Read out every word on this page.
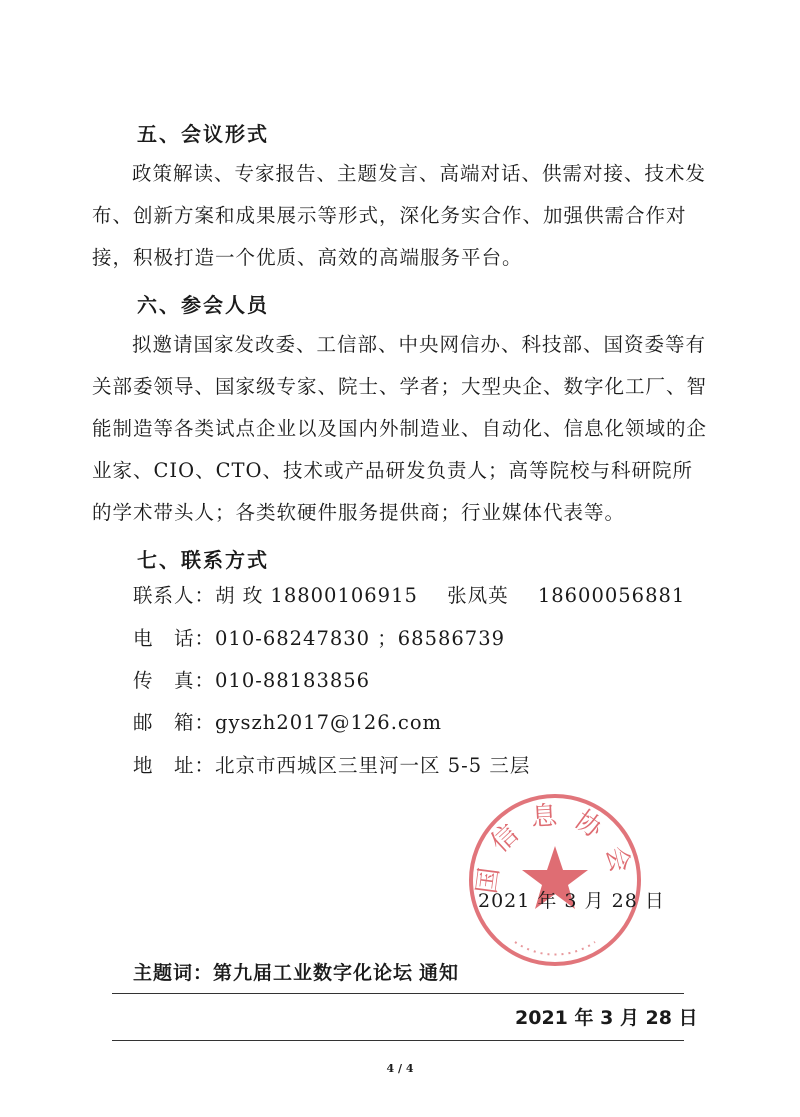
五、会议形式
政策解读、专家报告、主题发言、高端对话、供需对接、技术发布、创新方案和成果展示等形式，深化务实合作、加强供需合作对接，积极打造一个优质、高效的高端服务平台。
六、参会人员
拟邀请国家发改委、工信部、中央网信办、科技部、国资委等有关部委领导、国家级专家、院士、学者；大型央企、数字化工厂、智能制造等各类试点企业以及国内外制造业、自动化、信息化领域的企业家、CIO、CTO、技术或产品研发负责人；高等院校与科研院所的学术带头人；各类软硬件服务提供商；行业媒体代表等。
七、联系方式
联系人：胡 玫 18800106915 张凤英 18600056881
电　话：010-68247830 ；68586739
传　真：010-88183856
邮　箱：gyszh2017@126.com
地　址：北京市西城区三里河一区 5-5 三层
国信息协会
2021 年 3 月 28 日
主题词：第九届工业数字化论坛 通知
2021 年 3 月 28 日
4 / 4
